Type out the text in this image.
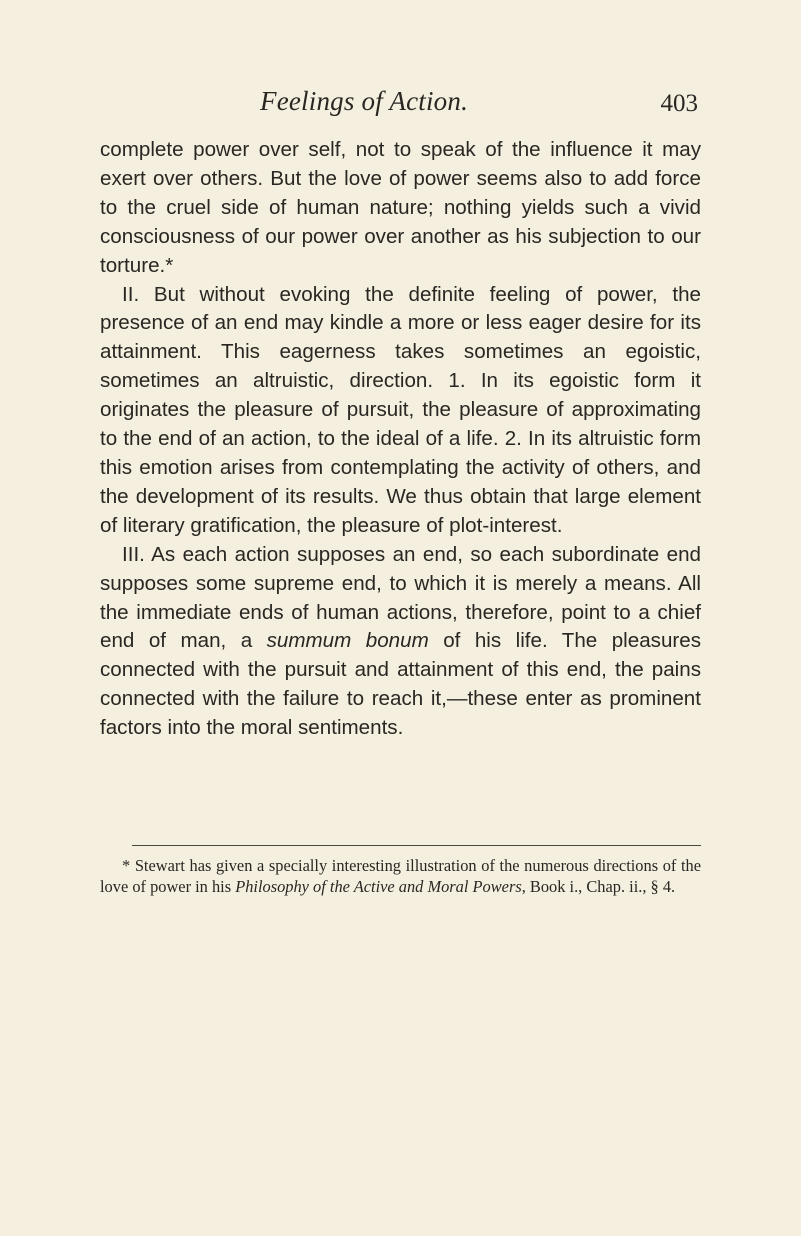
Feelings of Action.	403

complete power over self, not to speak of the influence it may exert over others. But the love of power seems also to add force to the cruel side of human nature; nothing yields such a vivid consciousness of our power over another as his subjection to our torture.*

II. But without evoking the definite feeling of power, the presence of an end may kindle a more or less eager desire for its attainment. This eagerness takes sometimes an egoistic, sometimes an altruistic, direction. 1. In its egoistic form it originates the pleasure of pursuit, the pleasure of approximating to the end of an action, to the ideal of a life. 2. In its altruistic form this emotion arises from contemplating the activity of others, and the development of its results. We thus obtain that large element of literary gratification, the pleasure of plot-interest.

III. As each action supposes an end, so each subordinate end supposes some supreme end, to which it is merely a means. All the immediate ends of human actions, therefore, point to a chief end of man, a summum bonum of his life. The pleasures connected with the pursuit and attainment of this end, the pains connected with the failure to reach it,—these enter as prominent factors into the moral sentiments.

* Stewart has given a specially interesting illustration of the numerous directions of the love of power in his Philosophy of the Active and Moral Powers, Book i., Chap. ii., § 4.
